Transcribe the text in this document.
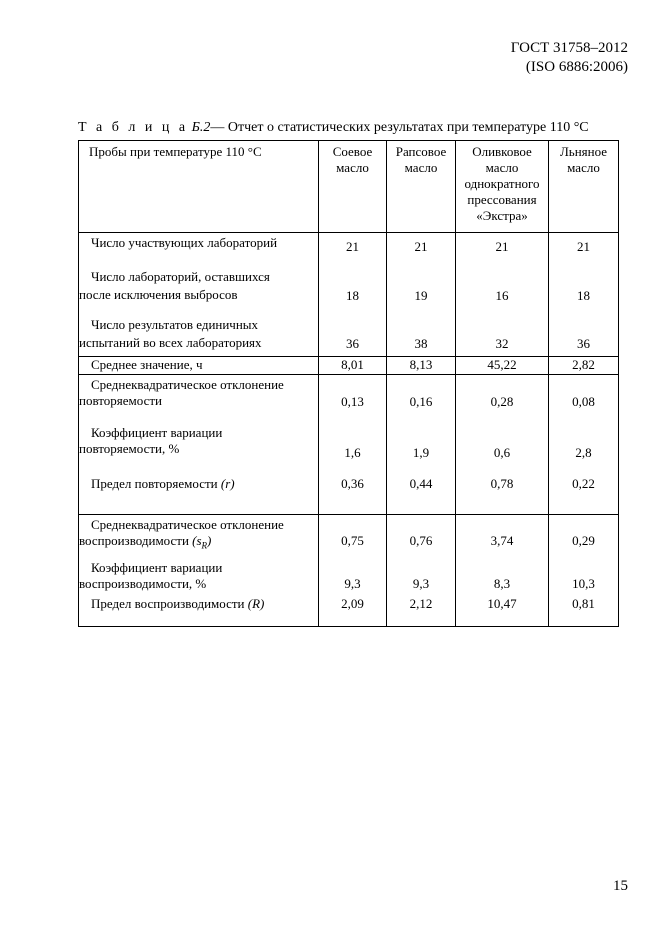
ГОСТ 31758–2012
(ISO 6886:2006)
Т а б л и ц а Б.2— Отчет о статистических результатах при температуре 110 °С
Пробы при температуре 110 °С	Соевое масло	Рапсовое масло	Оливковое масло однократного прессования «Экстра»	Льняное масло

Число участвующих лабораторий	21	21	21	21

Число лабораторий, оставшихся
после исключения выбросов	18	19	16	18

Число результатов единичных
испытаний во всех лабораториях	36	38	32	36

Среднее значение, ч	8,01	8,13	45,22	2,82

Среднеквадратическое отклонение
повторяемости	0,13	0,16	0,28	0,08

Коэффициент вариации
повторяемости, %	1,6	1,9	0,6	2,8

Предел повторяемости (r)	0,36	0,44	0,78	0,22

Среднеквадратическое отклонение
воспроизводимости $(s_R)$	0,75	0,76	3,74	0,29

Коэффициент вариации
воспроизводимости, %	9,3	9,3	8,3	10,3

Предел воспроизводимости (R)	2,09	2,12	10,47	0,81
15
